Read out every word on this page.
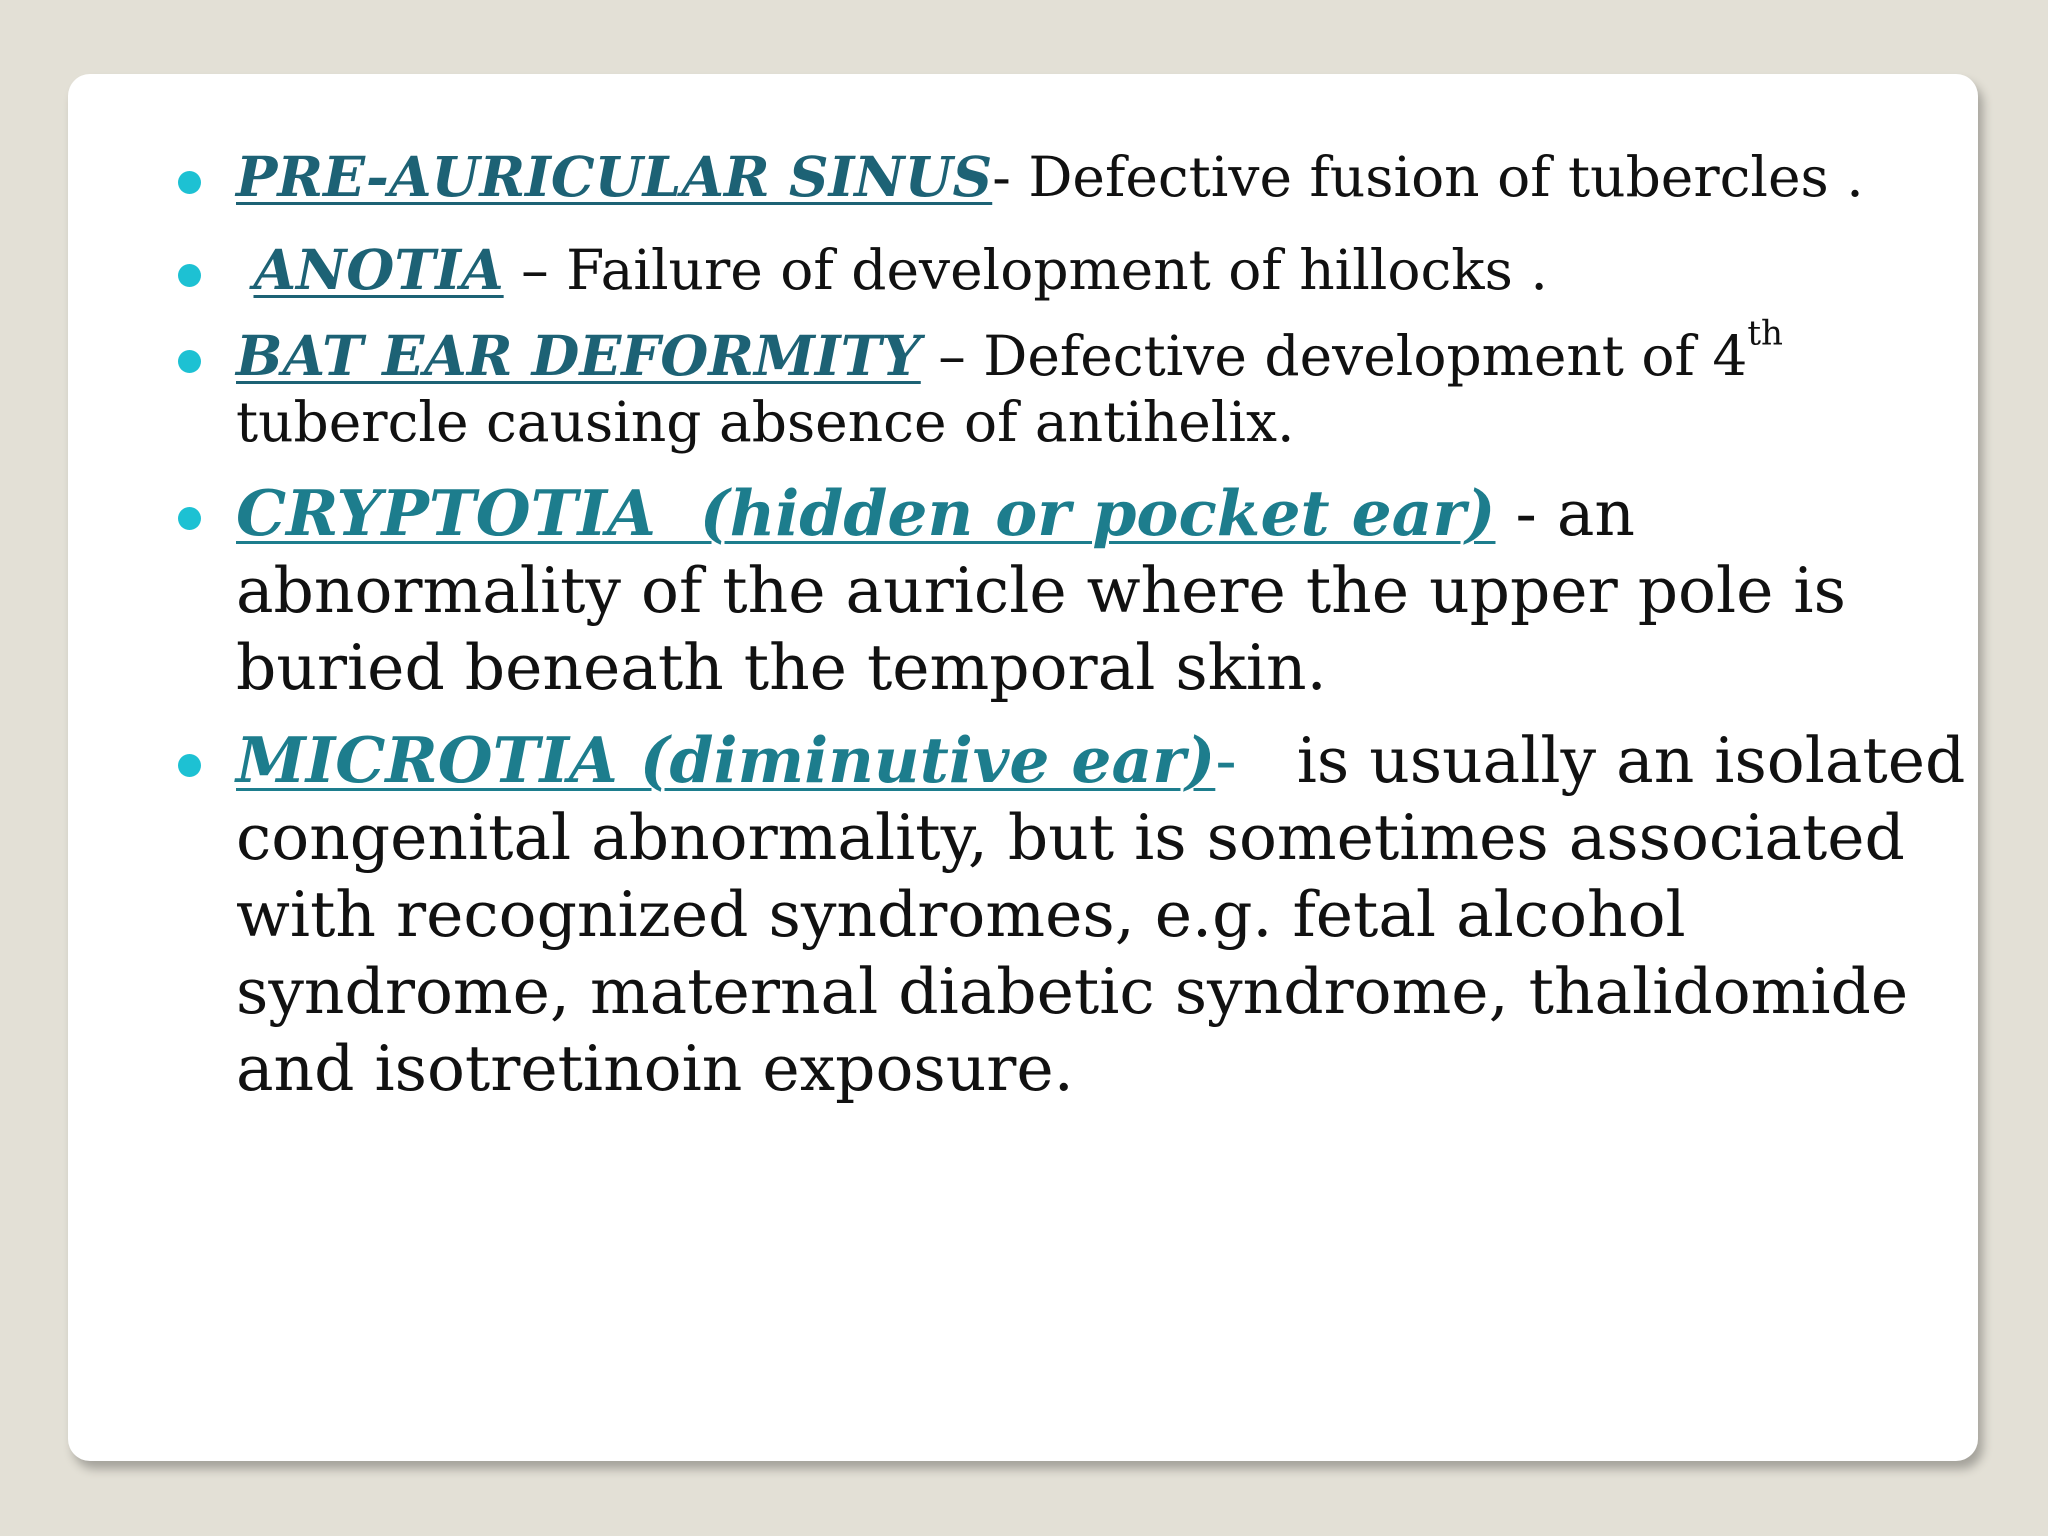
PRE-AURICULAR SINUS- Defective fusion of tubercles .
ANOTIA – Failure of development of hillocks .
BAT EAR DEFORMITY – Defective development of 4th
tubercle causing absence of antihelix.
CRYPTOTIA  (hidden or pocket ear) - an abnormality of the auricle where the upper pole is buried beneath the temporal skin.
MICROTIA (diminutive ear)- is usually an isolated congenital abnormality, but is sometimes associated with recognized syndromes, e.g. fetal alcohol syndrome, maternal diabetic syndrome, thalidomide and isotretinoin exposure.
